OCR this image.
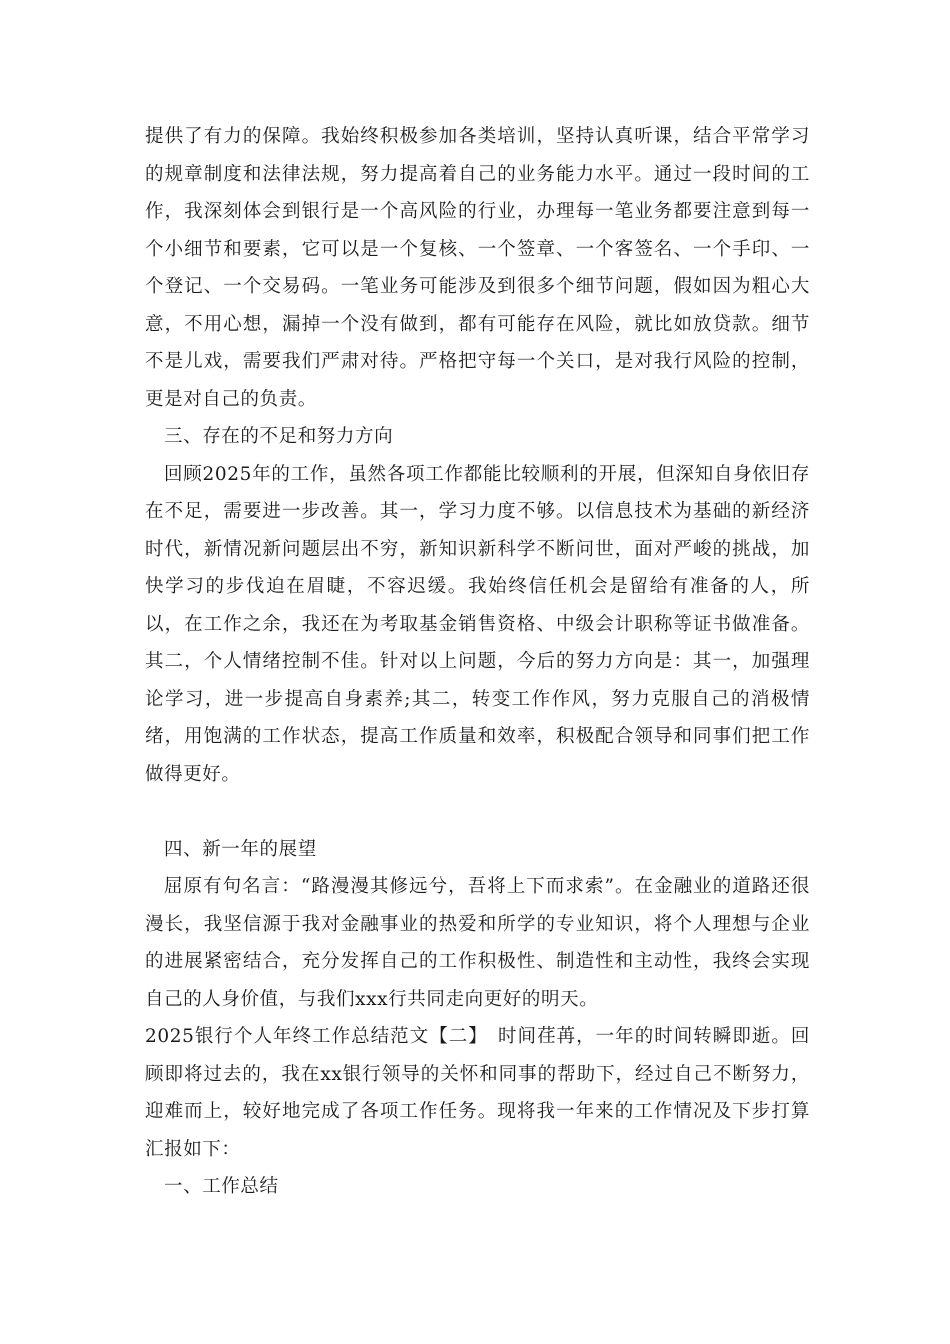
提供了有力的保障。我始终积极参加各类培训，坚持认真听课，结合平常学习的规章制度和法律法规，努力提高着自己的业务能力水平。通过一段时间的工作，我深刻体会到银行是一个高风险的行业，办理每一笔业务都要注意到每一个小细节和要素，它可以是一个复核、一个签章、一个客签名、一个手印、一个登记、一个交易码。一笔业务可能涉及到很多个细节问题，假如因为粗心大意，不用心想，漏掉一个没有做到，都有可能存在风险，就比如放贷款。细节不是儿戏，需要我们严肃对待。严格把守每一个关口，是对我行风险的控制，更是对自己的负责。

三、存在的不足和努力方向

回顾2025年的工作，虽然各项工作都能比较顺利的开展，但深知自身依旧存在不足，需要进一步改善。其一，学习力度不够。以信息技术为基础的新经济时代，新情况新问题层出不穷，新知识新科学不断问世，面对严峻的挑战，加快学习的步伐迫在眉睫，不容迟缓。我始终信任机会是留给有准备的人，所以，在工作之余，我还在为考取基金销售资格、中级会计职称等证书做准备。其二，个人情绪控制不佳。针对以上问题，今后的努力方向是：其一，加强理论学习，进一步提高自身素养;其二，转变工作作风，努力克服自己的消极情绪，用饱满的工作状态，提高工作质量和效率，积极配合领导和同事们把工作做得更好。

四、新一年的展望

屈原有句名言：“路漫漫其修远兮，吾将上下而求索”。在金融业的道路还很漫长，我坚信源于我对金融事业的热爱和所学的专业知识，将个人理想与企业的进展紧密结合，充分发挥自己的工作积极性、制造性和主动性，我终会实现自己的人身价值，与我们xxx行共同走向更好的明天。

2025银行个人年终工作总结范文【二】　时间荏苒，一年的时间转瞬即逝。回顾即将过去的，我在xx银行领导的关怀和同事的帮助下，经过自己不断努力，迎难而上，较好地完成了各项工作任务。现将我一年来的工作情况及下步打算汇报如下：

一、工作总结
